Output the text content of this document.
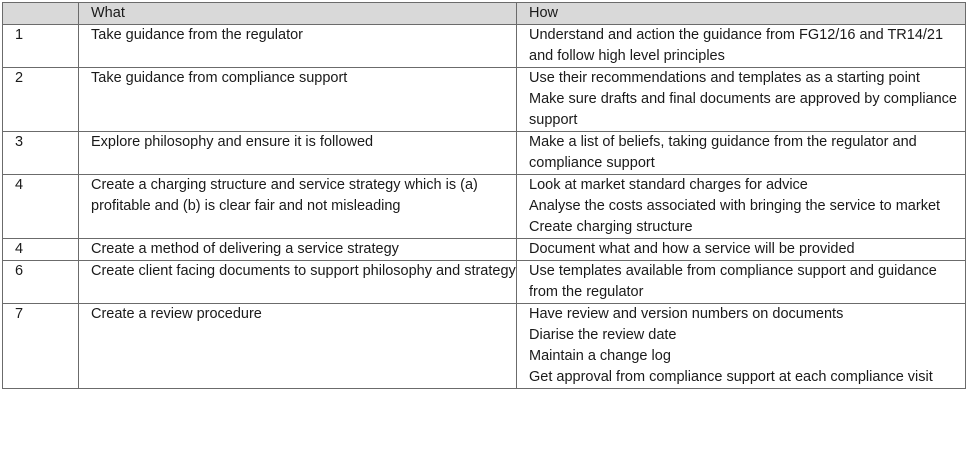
	What	How
1	Take guidance from the regulator	Understand and action the guidance from FG12/16 and TR14/21 and follow high level principles

2	Take guidance from compliance support	Use their recommendations and templates as a starting point
Make sure drafts and final documents are approved by compliance support

3	Explore philosophy and ensure it is followed	Make a list of beliefs, taking guidance from the regulator and compliance support

4	Create a charging structure and service strategy which is (a) profitable and (b) is clear fair and not misleading	Look at market standard charges for advice
Analyse the costs associated with bringing the service to market
Create charging structure

4	Create a method of delivering a service strategy	Document what and how a service will be provided

6	Create client facing documents to support philosophy and strategy	Use templates available from compliance support and guidance from the regulator

7	Create a review procedure	Have review and version numbers on documents
Diarise the review date
Maintain a change log
Get approval from compliance support at each compliance visit
